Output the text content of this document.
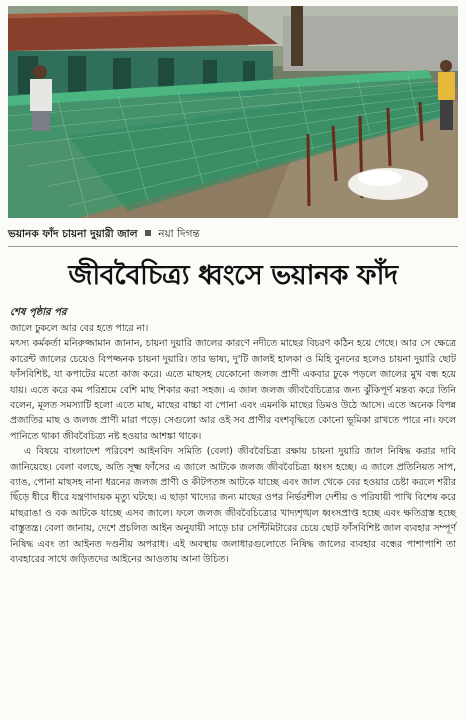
ভয়ানক ফাঁদ চায়না দুয়ারী জাল নয়া দিগন্ত
জীববৈচিত্র্য ধ্বংসে ভয়ানক ফাঁদ
শেষ পৃষ্ঠার পর

জালে ঢুকলে আর বের হতে পারে না।

মৎস্য কর্মকর্তা মনিরুজ্জামান জানান, চায়না দুয়ারি জালের কারণে নদীতে মাছের বিচরণ কঠিন হয়ে গেছে। আর সে ক্ষেত্রে কারেন্ট জালের চেয়েও বিপজ্জনক চায়না দুয়ারি। তার ভাষ্য, দু'টি জালই হালকা ও মিহি বুননের হলেও চায়না দুয়ারি ছোট ফাঁসবিশিষ্ট, যা কপাটের মতো কাজ করে। এতে মাছসহ যেকোনো জলজ প্রাণী একবার ঢুকে পড়লে জালের মুখ বন্ধ হয়ে যায়। এতে করে কম পরিশ্রমে বেশি মাছ শিকার করা সহজ। এ জাল জলজ জীববৈচিত্র্যের জন্য ঝুঁকিপূর্ণ মন্তব্য করে তিনি বলেন, মূলত সমস্যাটি হলো এতে মাছ, মাছের বাচ্চা বা পোনা এবং এমনকি মাছের ডিমও উঠে আসে। এতে অনেক বিপন্ন প্রজাতির মাছ ও জলজ প্রাণী মারা পড়ে। সেগুলো আর ওই সব প্রাণীর বংশবৃদ্ধিতে কোনো ভূমিকা রাখতে পারে না। ফলে পানিতে থাকা জীববৈচিত্র্য নষ্ট হওয়ার আশঙ্কা থাকে।

এ বিষয়ে বাংলাদেশ পরিবেশ আইনবিদ সমিতি (বেলা) জীববৈচিত্র্য রক্ষায় চায়না দুয়ারি জাল নিষিদ্ধ করার দাবি জানিয়েছে। বেলা বলছে, অতি সূক্ষ্ম ফাঁসের এ জালে আটকে জলজ জীববৈচিত্র্য ধ্বংস হচ্ছে। এ জালে প্রতিনিয়ত সাপ, ব্যাঙ, পোনা মাছসহ নানা ধরনের জলজ প্রাণী ও কীটপতঙ্গ আটকে যাচ্ছে এবং জাল থেকে বের হওয়ার চেষ্টা করলে শরীর ছিঁড়ে ধীরে ধীরে যন্ত্রণাদায়ক মৃত্যু ঘটছে। এ ছাড়া খাদ্যের জন্য মাছের ওপর নির্ভরশীল দেশীয় ও পরিযায়ী পাখি বিশেষ করে মাছরাঙা ও বক আটকে যাচ্ছে এসব জালে। ফলে জলজ জীববৈচিত্র্যের খাদ্যশৃঙ্খল ধ্বংসপ্রাপ্ত হচ্ছে এবং ক্ষতিগ্রস্ত হচ্ছে বাস্তুতন্ত্র। বেলা জানায়, দেশে প্রচলিত আইন অনুযায়ী সাড়ে চার সেন্টিমিটারের চেয়ে ছোট ফাঁসবিশিষ্ট জাল ব্যবহার সম্পূর্ণ নিষিদ্ধ এবং তা আইনত দণ্ডনীয় অপরাধ। এই অবস্থায় জলাধারগুলোতে নিষিদ্ধ জালের ব্যবহার বন্ধের পাশাপাশি তা ব্যবহারের সাথে জড়িতদের আইনের আওতায় আনা উচিত।
